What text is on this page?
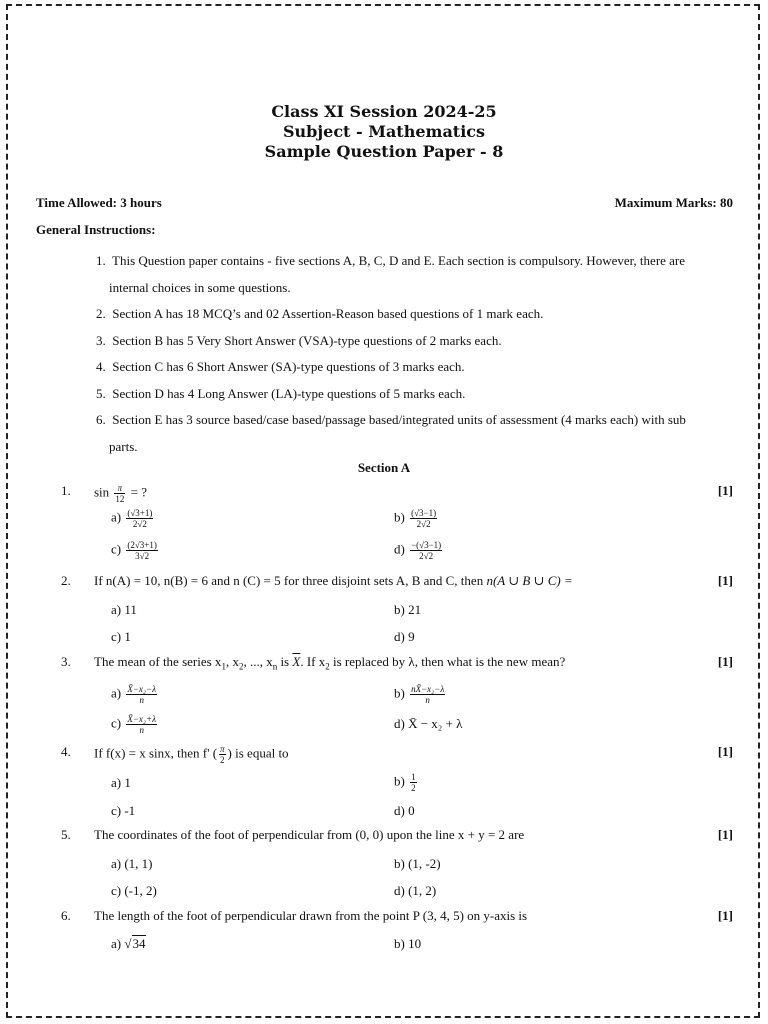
Class XI Session 2024-25
Subject - Mathematics
Sample Question Paper - 8
Time Allowed: 3 hours	Maximum Marks: 80
General Instructions:
1. This Question paper contains - five sections A, B, C, D and E. Each section is compulsory. However, there are
internal choices in some questions.
2. Section A has 18 MCQ’s and 02 Assertion-Reason based questions of 1 mark each.
3. Section B has 5 Very Short Answer (VSA)-type questions of 2 marks each.
4. Section C has 6 Short Answer (SA)-type questions of 3 marks each.
5. Section D has 4 Long Answer (LA)-type questions of 5 marks each.
6. Section E has 3 source based/case based/passage based/integrated units of assessment (4 marks each) with sub
parts.
Section A
1. $\sin \frac{\pi}{12}$ = ?	[1]
$a) \frac{(√3+1)}{2√2}$	$b) \frac{(√3-1)}{2√2}$
$c) \frac{(2√3+1)}{3√2}$	$d) \frac{-(√3-1)}{2√2}$
2. If n(A) = 10, n(B) = 6 and n (C) = 5 for three disjoint sets A, B and C, then n(A ∪ B ∪ C) =	[1]
a) 11	b) 21
c) 1	d) 9
3. The mean of the series $x_1$, $x_2$, ..., $x_n$ is $\overline{X}$. If $x_2$ is replaced by λ, then what is the new mean?	[1]
$a) \frac{\text{X̄−x₂−λ}}{n}$	$b) \frac{\text{nX̄−x₂−λ}}{n}$
$c) \frac{\text{X̄−x₂+λ}}{n}$	d) X̄ − x₂ + λ
4. If f(x) = x sinx, then f' ( $\frac{\pi}{2}$ ) is equal to	[1]
a) 1	$b) \frac{1}{2}$
c) -1	d) 0
5. The coordinates of the foot of perpendicular from (0, 0) upon the line x + y = 2 are	[1]
a) (1, 1)	b) (1, -2)
c) (-1, 2)	d) (1, 2)
6. The length of the foot of perpendicular drawn from the point P (3, 4, 5) on y-axis is	[1]
a) √34	b) 10
